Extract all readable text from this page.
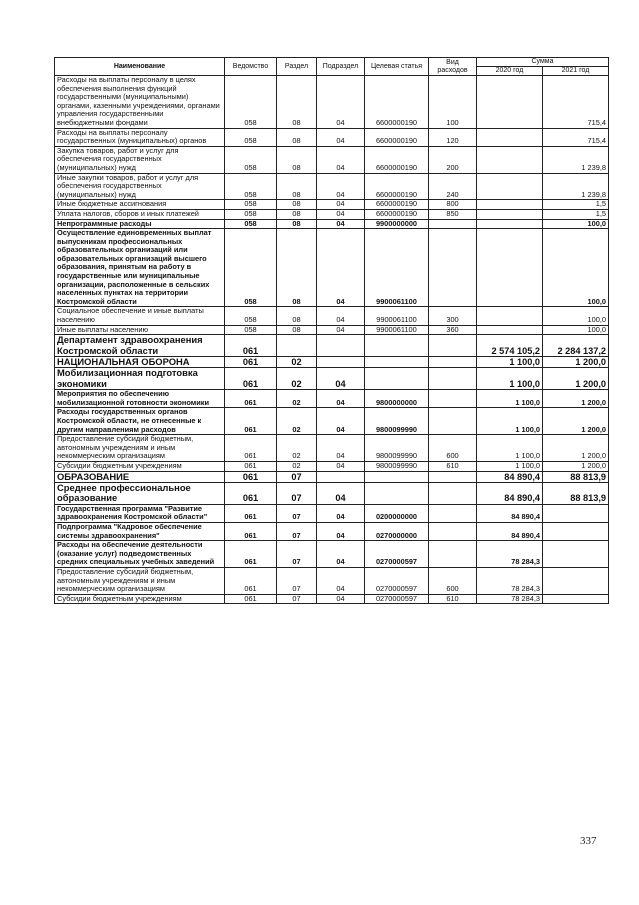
Наименование	Ведомство	Раздел	Подраздел	Целевая статья	Вид расходов	Сумма	
						2020 год	2021 год
Расходы на выплаты персоналу в целях обеспечения выполнения функций государственными (муниципальными) органами, казенными учреждениями, органами управления государственными внебюджетными фондами	058	08	04	6600000190	100		715,4
Расходы на выплаты персоналу государственных (муниципальных) органов	058	08	04	6600000190	120		715,4
Закупка товаров, работ и услуг для обеспечения государственных (муниципальных) нужд	058	08	04	6600000190	200		1 239,8
Иные закупки товаров, работ и услуг для обеспечения государственных (муниципальных) нужд	058	08	04	6600000190	240		1 239,8
Иные бюджетные ассигнования	058	08	04	6600000190	800		1,5
Уплата налогов, сборов и иных платежей	058	08	04	6600000190	850		1,5
Непрограммные расходы	058	08	04	9900000000			100,0
Осуществление единовременных выплат выпускникам профессиональных образовательных организаций или образовательных организаций высшего образования, принятым на работу в государственные или муниципальные организации, расположенные в сельских населенных пунктах на территории Костромской области	058	08	04	9900061100			100,0
Социальное обеспечение и иные выплаты населению	058	08	04	9900061100	300		100,0
Иные выплаты населению	058	08	04	9900061100	360		100,0
Департамент здравоохранения Костромской области	061					2 574 105,2	2 284 137,2
НАЦИОНАЛЬНАЯ ОБОРОНА	061	02				1 100,0	1 200,0
Мобилизационная подготовка экономики	061	02	04			1 100,0	1 200,0
Мероприятия по обеспечению мобилизационной готовности экономики	061	02	04	9800000000		1 100,0	1 200,0
Расходы государственных органов Костромской области, не отнесенные к другим направлениям расходов	061	02	04	9800099990		1 100,0	1 200,0
Предоставление субсидий бюджетным, автономным учреждениям и иным некоммерческим организациям	061	02	04	9800099990	600	1 100,0	1 200,0
Субсидии бюджетным учреждениям	061	02	04	9800099990	610	1 100,0	1 200,0
ОБРАЗОВАНИЕ	061	07				84 890,4	88 813,9
Среднее профессиональное образование	061	07	04			84 890,4	88 813,9
Государственная программа "Развитие здравоохранения Костромской области"	061	07	04	0200000000		84 890,4	
Подпрограмма "Кадровое обеспечение системы здравоохранения"	061	07	04	0270000000		84 890,4	
Расходы на обеспечение деятельности (оказание услуг) подведомственных средних специальных учебных заведений	061	07	04	0270000597		78 284,3	
Предоставление субсидий бюджетным, автономным учреждениям и иным некоммерческим организациям	061	07	04	0270000597	600	78 284,3	
Субсидии бюджетным учреждениям	061	07	04	0270000597	610	78 284,3	
337
